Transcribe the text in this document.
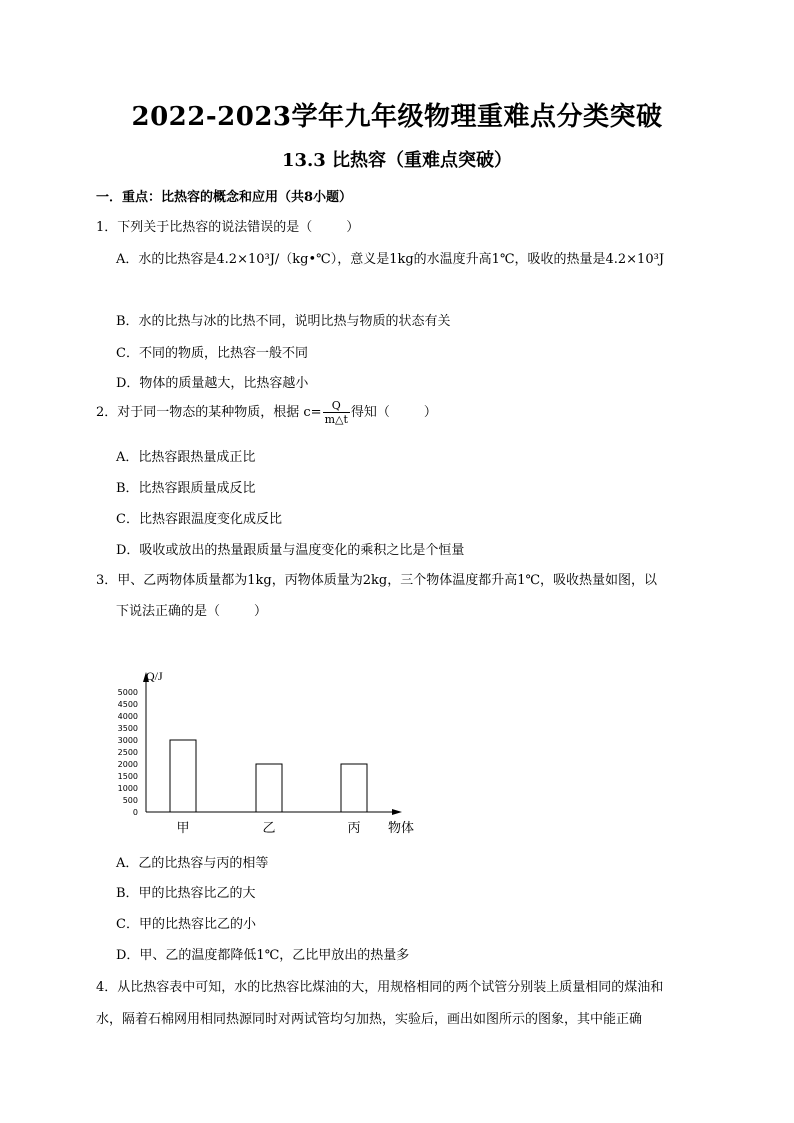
2022-2023学年九年级物理重难点分类突破
13.3 比热容（重难点突破）
一．重点：比热容的概念和应用（共8小题）
1．下列关于比热容的说法错误的是（	）
A．水的比热容是4.2×10³J/（kg•℃），意义是1kg的水温度升高1℃，吸收的热量是4.2×10³J
B．水的比热与冰的比热不同，说明比热与物质的状态有关
C．不同的物质，比热容一般不同
D．物体的质量越大，比热容越小
2．对于同一物态的某种物质，根据 $c= \frac{Q}{m\triangle t}$ 得知（	）
A．比热容跟热量成正比
B．比热容跟质量成反比
C．比热容跟温度变化成反比
D．吸收或放出的热量跟质量与温度变化的乘积之比是个恒量
3．甲、乙两物体质量都为1kg，丙物体质量为2kg，三个物体温度都升高1℃，吸收热量如图，以
下说法正确的是（	）
0
500
1000
1500
2000
2500
3000
3500
4000
4500
5000
甲	乙	丙
Q/J
物体
A．乙的比热容与丙的相等
B．甲的比热容比乙的大
C．甲的比热容比乙的小
D．甲、乙的温度都降低1℃，乙比甲放出的热量多
4．从比热容表中可知，水的比热容比煤油的大，用规格相同的两个试管分别装上质量相同的煤油和
水，隔着石棉网用相同热源同时对两试管均匀加热，实验后，画出如图所示的图象，其中能正确
